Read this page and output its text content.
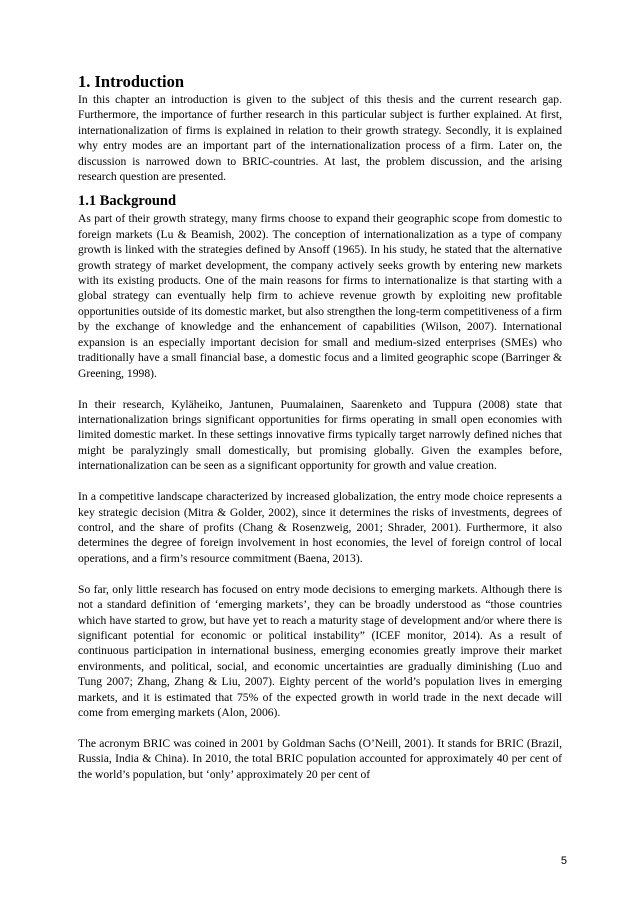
1. Introduction

In this chapter an introduction is given to the subject of this thesis and the current research gap. Furthermore, the importance of further research in this particular subject is further explained. At first, internationalization of firms is explained in relation to their growth strategy. Secondly, it is explained why entry modes are an important part of the internationalization process of a firm. Later on, the discussion is narrowed down to BRIC-countries. At last, the problem discussion, and the arising research question are presented.

1.1 Background

As part of their growth strategy, many firms choose to expand their geographic scope from domestic to foreign markets (Lu & Beamish, 2002). The conception of internationalization as a type of company growth is linked with the strategies defined by Ansoff (1965). In his study, he stated that the alternative growth strategy of market development, the company actively seeks growth by entering new markets with its existing products. One of the main reasons for firms to internationalize is that starting with a global strategy can eventually help firm to achieve revenue growth by exploiting new profitable opportunities outside of its domestic market, but also strengthen the long-term competitiveness of a firm by the exchange of knowledge and the enhancement of capabilities (Wilson, 2007). International expansion is an especially important decision for small and medium-sized enterprises (SMEs) who traditionally have a small financial base, a domestic focus and a limited geographic scope (Barringer & Greening, 1998).

In their research, Kyläheiko, Jantunen, Puumalainen, Saarenketo and Tuppura (2008) state that internationalization brings significant opportunities for firms operating in small open economies with limited domestic market. In these settings innovative firms typically target narrowly defined niches that might be paralyzingly small domestically, but promising globally. Given the examples before, internationalization can be seen as a significant opportunity for growth and value creation.

In a competitive landscape characterized by increased globalization, the entry mode choice represents a key strategic decision (Mitra & Golder, 2002), since it determines the risks of investments, degrees of control, and the share of profits (Chang & Rosenzweig, 2001; Shrader, 2001). Furthermore, it also determines the degree of foreign involvement in host economies, the level of foreign control of local operations, and a firm’s resource commitment (Baena, 2013).

So far, only little research has focused on entry mode decisions to emerging markets. Although there is not a standard definition of ‘emerging markets’, they can be broadly understood as “those countries which have started to grow, but have yet to reach a maturity stage of development and/or where there is significant potential for economic or political instability” (ICEF monitor, 2014). As a result of continuous participation in international business, emerging economies greatly improve their market environments, and political, social, and economic uncertainties are gradually diminishing (Luo and Tung 2007; Zhang, Zhang & Liu, 2007). Eighty percent of the world’s population lives in emerging markets, and it is estimated that 75% of the expected growth in world trade in the next decade will come from emerging markets (Alon, 2006).

The acronym BRIC was coined in 2001 by Goldman Sachs (O’Neill, 2001). It stands for BRIC (Brazil, Russia, India & China). In 2010, the total BRIC population accounted for approximately 40 per cent of the world’s population, but ‘only’ approximately 20 per cent of

5
